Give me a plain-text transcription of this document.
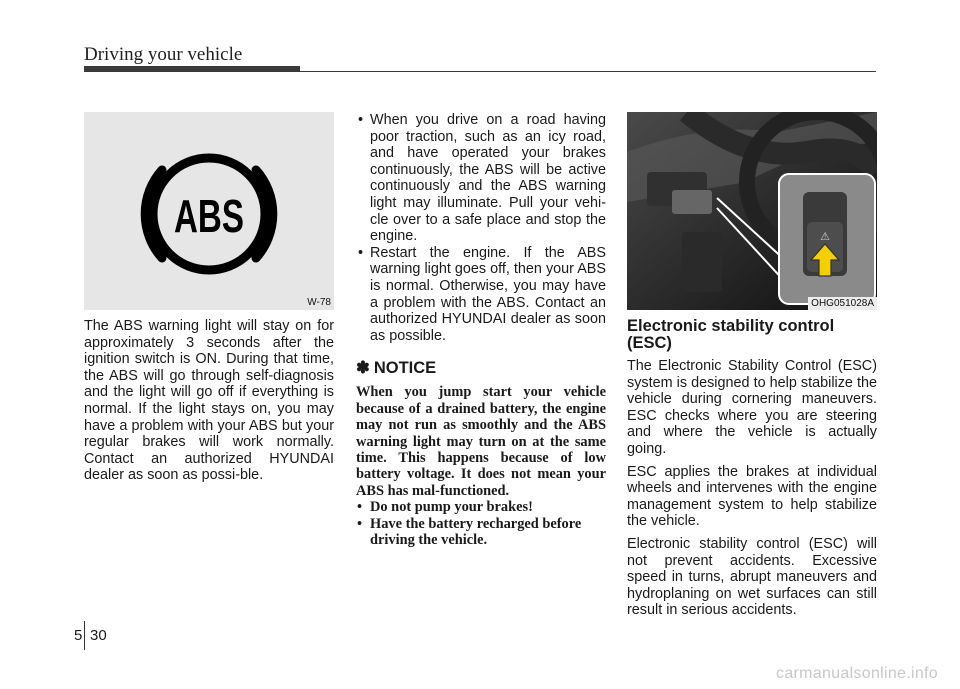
Driving your vehicle
ABS
W-78

The ABS warning light will stay on for approximately 3 seconds after the ignition switch is ON. During that time, the ABS will go through self-diagnosis and the light will go off if everything is normal. If the light stays on, you may have a problem with your ABS but your regular brakes will work normally. Contact an authorized HYUNDAI dealer as soon as possi-ble.

• When you drive on a road having poor traction, such as an icy road, and have operated your brakes continuously, the ABS will be active continuously and the ABS warning light may illuminate. Pull your vehi-cle over to a safe place and stop the engine.
• Restart the engine. If the ABS warning light goes off, then your ABS is normal. Otherwise, you may have a problem with the ABS. Contact an authorized HYUNDAI dealer as soon as possible.
✽ NOTICE
When you jump start your vehicle because of a drained battery, the engine may not run as smoothly and the ABS warning light may turn on at the same time. This happens because of low battery voltage. It does not mean your ABS has mal-functioned.
• Do not pump your brakes!
• Have the battery recharged before driving the vehicle.
⚠
OHG051028A
Electronic stability control (ESC)

The Electronic Stability Control (ESC) system is designed to help stabilize the vehicle during cornering maneuvers. ESC checks where you are steering and where the vehicle is actually going.

ESC applies the brakes at individual wheels and intervenes with the engine management system to help stabilize the vehicle.

Electronic stability control (ESC) will not prevent accidents. Excessive speed in turns, abrupt maneuvers and hydroplaning on wet surfaces can still result in serious accidents.

5 30
carmanualsonline.info
